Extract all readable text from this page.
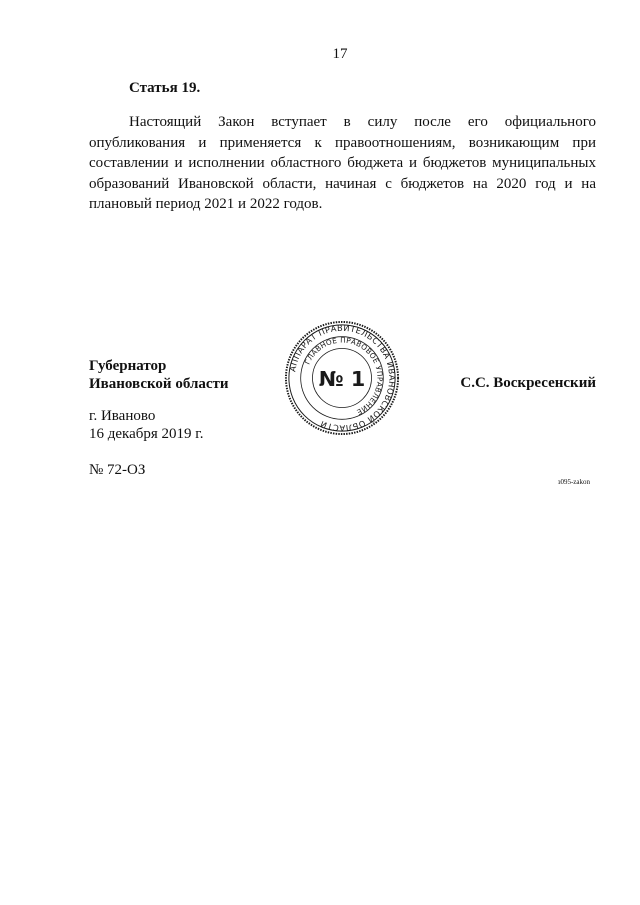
17
Статья 19.
Настоящий Закон вступает в силу после его официального опубликования и применяется к правоотношениям, возникающим при составлении и исполнении областного бюджета и бюджетов муниципальных образований Ивановской области, начиная с бюджетов на 2020 год и на плановый период 2021 и 2022 годов.
Губернатор
Ивановской области
АППАРАТ ПРАВИТЕЛЬСТВА ИВАНОВСКОЙ ОБЛАСТИ
ГЛАВНОЕ ПРАВОВОЕ УПРАВЛЕНИЕ
№ 1	С.С. Воскресенский
г. Иваново
16 декабря 2019 г.
№ 72-ОЗ
з095-zakon
